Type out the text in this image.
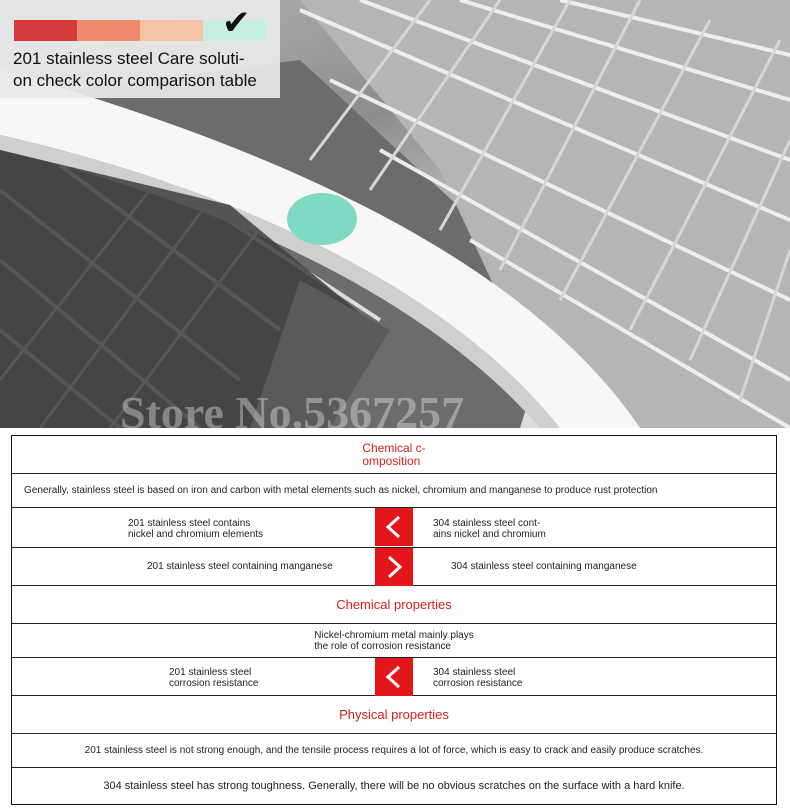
Store No.5367257
✔
201 stainless steel Care soluti-
on check color comparison table
Chemical c-
omposition
Generally, stainless steel is based on iron and carbon with metal elements such as nickel, chromium and manganese to produce rust protection
201 stainless steel contains
nickel and chromium elements
304 stainless steel cont-
ains nickel and chromium
201 stainless steel containing manganese	304 stainless steel containing manganese
Chemical properties
Nickel-chromium metal mainly plays
the role of corrosion resistance
201 stainless steel
corrosion resistance
304 stainless steel
corrosion resistance
Physical properties
201 stainless steel is not strong enough, and the tensile process requires a lot of force, which is easy to crack and easily produce scratches.
304 stainless steel has strong toughness. Generally, there will be no obvious scratches on the surface with a hard knife.
